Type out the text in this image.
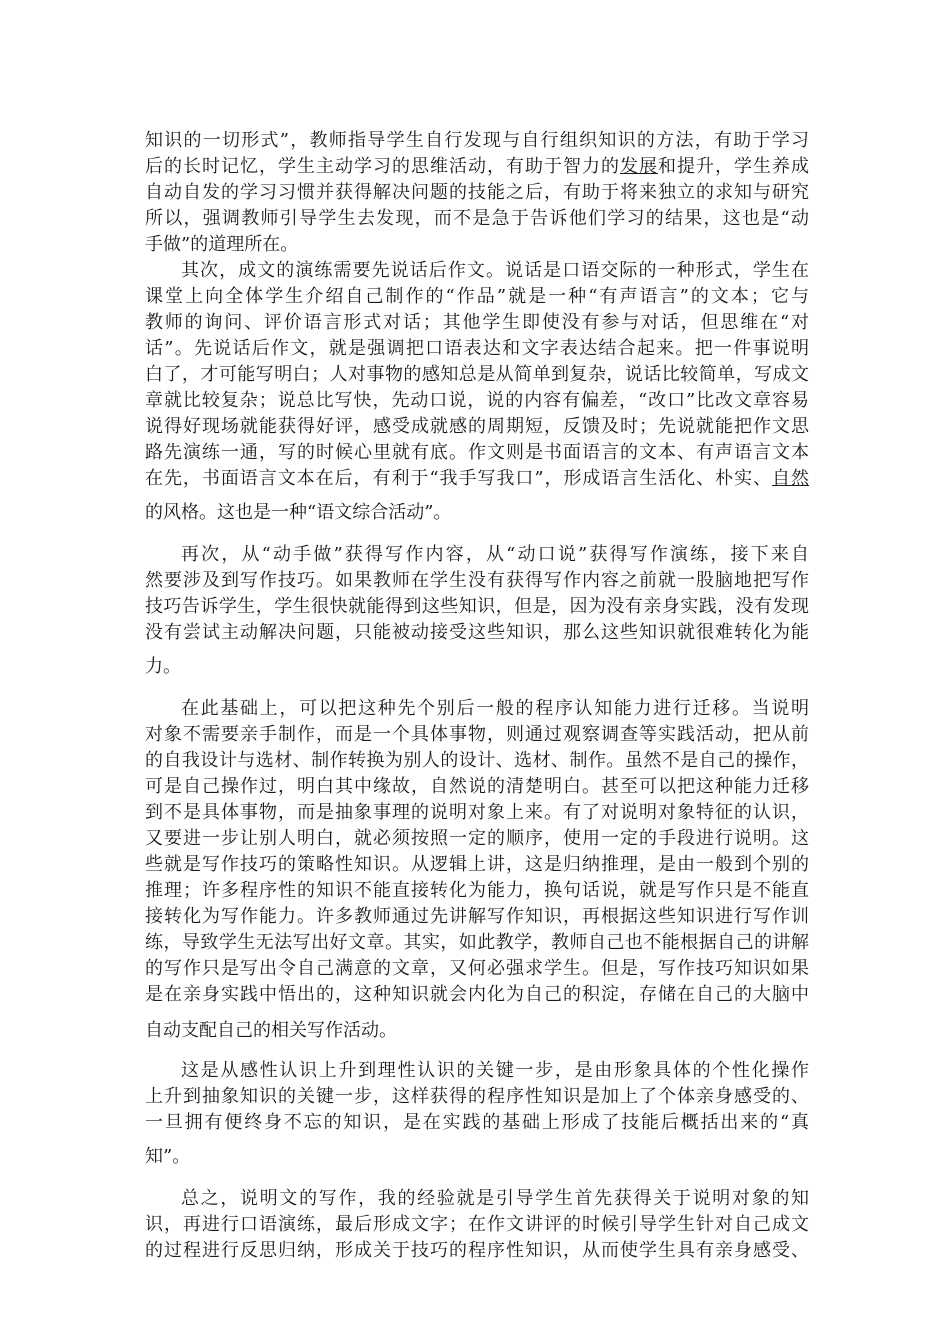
知识的一切形式”，教师指导学生自行发现与自行组织知识的方法，有助于学习
后的长时记忆，学生主动学习的思维活动，有助于智力的发展和提升，学生养成
自动自发的学习习惯并获得解决问题的技能之后，有助于将来独立的求知与研究
所以，强调教师引导学生去发现，而不是急于告诉他们学习的结果，这也是“动
手做”的道理所在。
其次，成文的演练需要先说话后作文。说话是口语交际的一种形式，学生在
课堂上向全体学生介绍自己制作的“作品”就是一种“有声语言”的文本；它与
教师的询问、评价语言形式对话；其他学生即使没有参与对话，但思维在“对
话”。先说话后作文，就是强调把口语表达和文字表达结合起来。把一件事说明
白了，才可能写明白；人对事物的感知总是从简单到复杂，说话比较简单，写成文
章就比较复杂；说总比写快，先动口说，说的内容有偏差，“改口”比改文章容易
说得好现场就能获得好评，感受成就感的周期短，反馈及时；先说就能把作文思
路先演练一通，写的时候心里就有底。作文则是书面语言的文本、有声语言文本
在先，书面语言文本在后，有利于“我手写我口”，形成语言生活化、朴实、自然
的风格。这也是一种“语文综合活动”。
再次，从“动手做”获得写作内容，从“动口说”获得写作演练，接下来自
然要涉及到写作技巧。如果教师在学生没有获得写作内容之前就一股脑地把写作
技巧告诉学生，学生很快就能得到这些知识，但是，因为没有亲身实践，没有发现
没有尝试主动解决问题，只能被动接受这些知识，那么这些知识就很难转化为能
力。
在此基础上，可以把这种先个别后一般的程序认知能力进行迁移。当说明
对象不需要亲手制作，而是一个具体事物，则通过观察调查等实践活动，把从前
的自我设计与选材、制作转换为别人的设计、选材、制作。虽然不是自己的操作，
可是自己操作过，明白其中缘故，自然说的清楚明白。甚至可以把这种能力迁移
到不是具体事物，而是抽象事理的说明对象上来。有了对说明对象特征的认识，
又要进一步让别人明白，就必须按照一定的顺序，使用一定的手段进行说明。这
些就是写作技巧的策略性知识。从逻辑上讲，这是归纳推理，是由一般到个别的
推理；许多程序性的知识不能直接转化为能力，换句话说，就是写作只是不能直
接转化为写作能力。许多教师通过先讲解写作知识，再根据这些知识进行写作训
练，导致学生无法写出好文章。其实，如此教学，教师自己也不能根据自己的讲解
的写作只是写出令自己满意的文章，又何必强求学生。但是，写作技巧知识如果
是在亲身实践中悟出的，这种知识就会内化为自己的积淀，存储在自己的大脑中
自动支配自己的相关写作活动。
这是从感性认识上升到理性认识的关键一步，是由形象具体的个性化操作
上升到抽象知识的关键一步，这样获得的程序性知识是加上了个体亲身感受的、
一旦拥有便终身不忘的知识，是在实践的基础上形成了技能后概括出来的“真
知”。
总之，说明文的写作，我的经验就是引导学生首先获得关于说明对象的知
识，再进行口语演练，最后形成文字；在作文讲评的时候引导学生针对自己成文
的过程进行反思归纳，形成关于技巧的程序性知识，从而使学生具有亲身感受、
